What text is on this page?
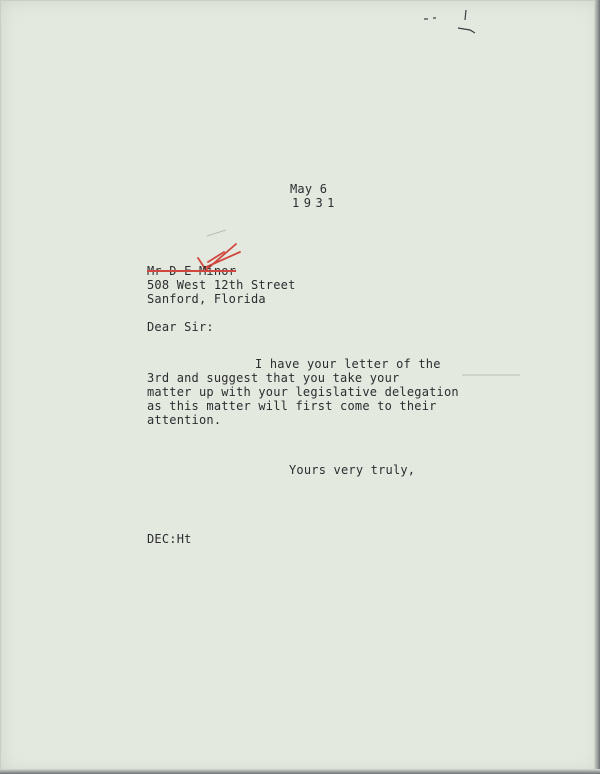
May 6

1931

Mr D E Minor

508 West 12th Street

Sanford, Florida

Dear Sir:

I have your letter of the

3rd and suggest that you take your

matter up with your legislative delegation

as this matter will first come to their

attention.

Yours very truly,

DEC:Ht
